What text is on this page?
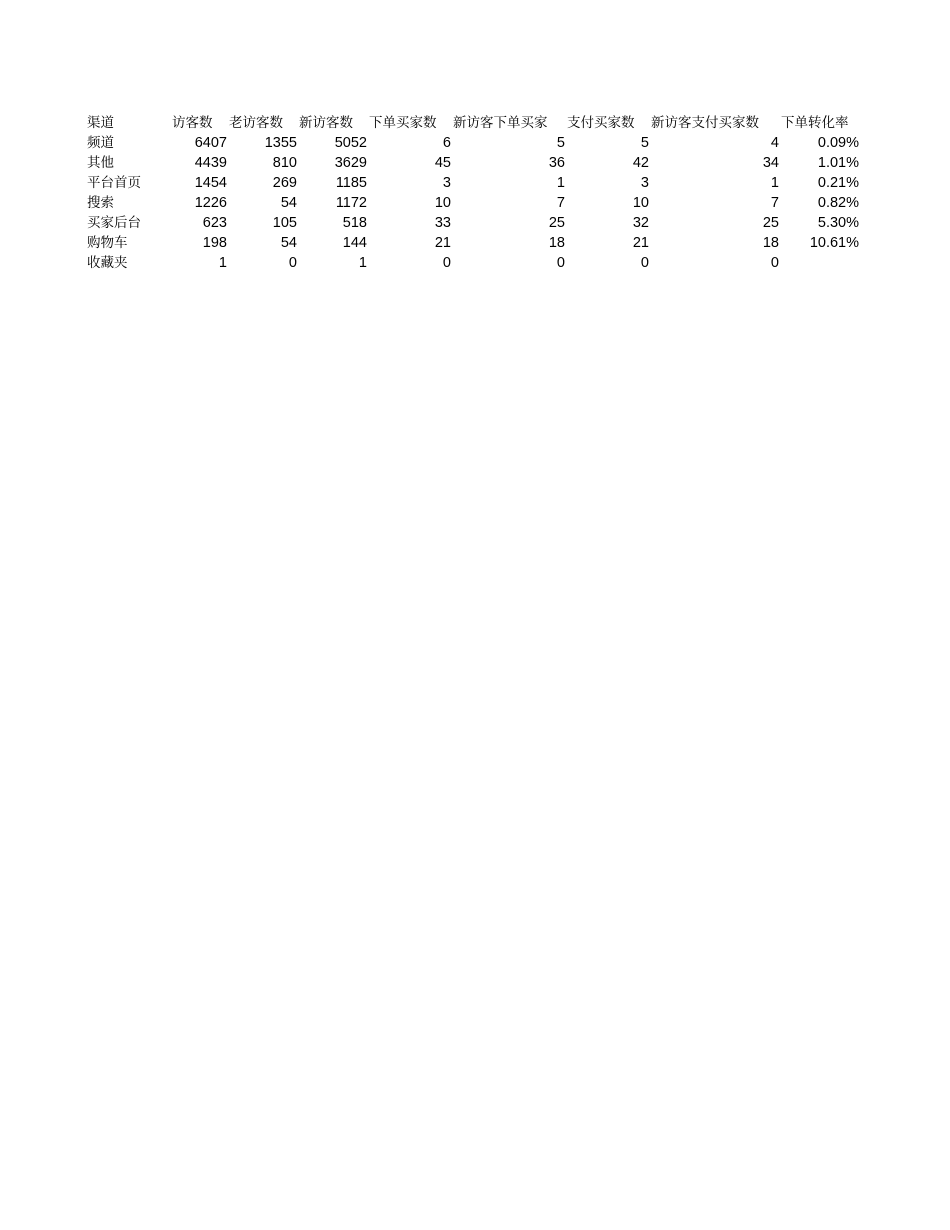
渠道	访客数	老访客数	新访客数	下单买家数	新访客下单买家	支付买家数	新访客支付买家数	下单转化率
频道	6407	1355	5052	6	5	5	4	0.09%
其他	4439	810	3629	45	36	42	34	1.01%
平台首页	1454	269	1185	3	1	3	1	0.21%
搜索	1226	54	1172	10	7	10	7	0.82%
买家后台	623	105	518	33	25	32	25	5.30%
购物车	198	54	144	21	18	21	18	10.61%
收藏夹	1	0	1	0	0	0	0	
